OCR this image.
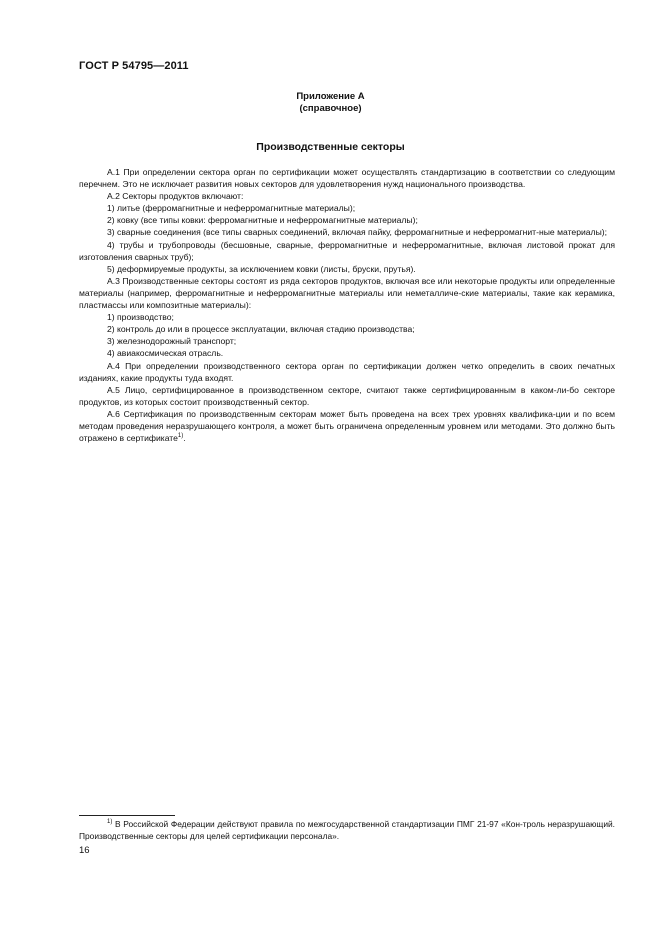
ГОСТ Р 54795—2011
Приложение А
(справочное)
Производственные секторы

А.1 При определении сектора орган по сертификации может осуществлять стандартизацию в соответствии со следующим перечнем. Это не исключает развития новых секторов для удовлетворения нужд национального производства.

А.2 Секторы продуктов включают:

1) литье (ферромагнитные и неферромагнитные материалы);

2) ковку (все типы ковки: ферромагнитные и неферромагнитные материалы);

3) сварные соединения (все типы сварных соединений, включая пайку, ферромагнитные и неферромагнит-ные материалы);

4) трубы и трубопроводы (бесшовные, сварные, ферромагнитные и неферромагнитные, включая листовой прокат для изготовления сварных труб);

5) деформируемые продукты, за исключением ковки (листы, бруски, прутья).

А.3 Производственные секторы состоят из ряда секторов продуктов, включая все или некоторые продукты или определенные материалы (например, ферромагнитные и неферромагнитные материалы или неметалличе-ские материалы, такие как керамика, пластмассы или композитные материалы):

1) производство;

2) контроль до или в процессе эксплуатации, включая стадию производства;

3) железнодорожный транспорт;

4) авиакосмическая отрасль.

А.4 При определении производственного сектора орган по сертификации должен четко определить в своих печатных изданиях, какие продукты туда входят.

А.5 Лицо, сертифицированное в производственном секторе, считают также сертифицированным в каком-ли-бо секторе продуктов, из которых состоит производственный сектор.

А.6 Сертификация по производственным секторам может быть проведена на всех трех уровнях квалифика-ции и по всем методам проведения неразрушающего контроля, а может быть ограничена определенным уровнем или методами. Это должно быть отражено в сертификате$^{1)}$.

$^{1)}$ В Российской Федерации действуют правила по межгосударственной стандартизации ПМГ 21-97 «Кон-троль неразрушающий. Производственные секторы для целей сертификации персонала».
16
